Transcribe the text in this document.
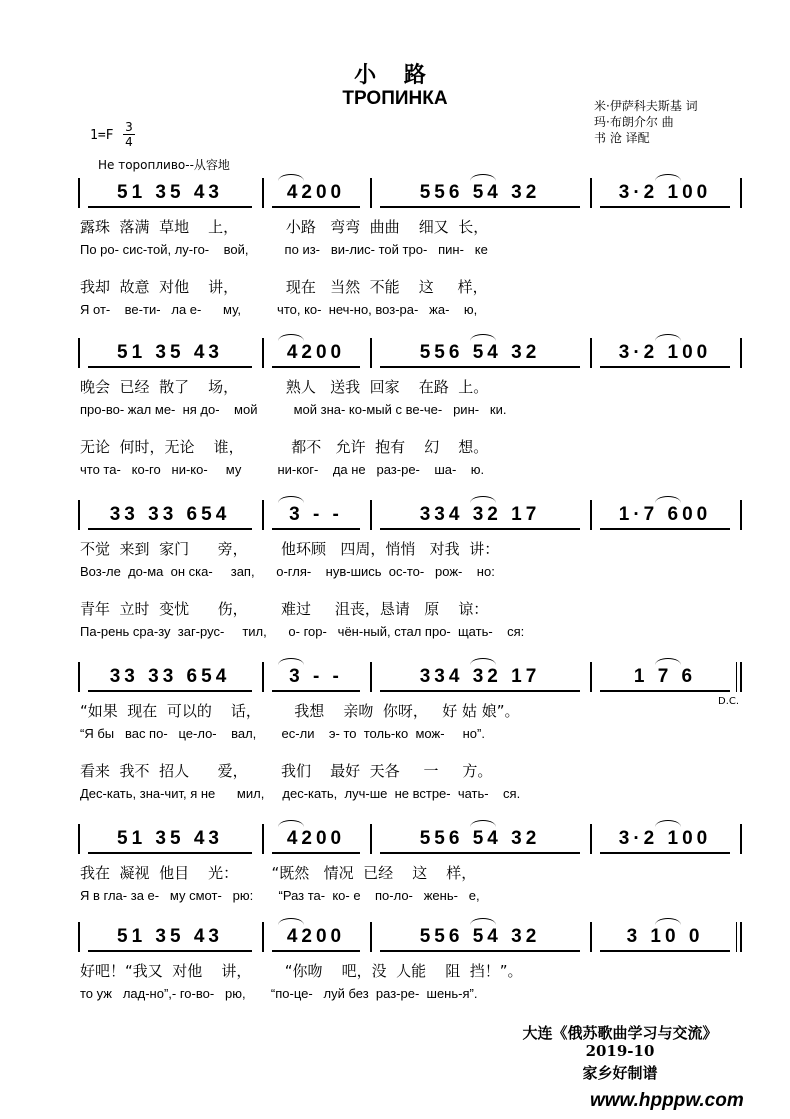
小 路
ТРОПИНКА	米·伊萨科夫斯基 词
玛·布朗介尔 曲
书 沧 译配
1=F
3
4
Не торопливо--从容地
51 35 43	4200	556 54 32	3·2 100
露珠  落满  草地    上，          小路   弯弯  曲曲    细又  长，
По ро- сис-той, лу-го-    вой,          по из-   ви-лис- той тро-   пин-   ке
我却  故意  对他    讲，          现在   当然  不能    这     样，
Я от-    ве-ти-   ла е-      му,          что, ко-  неч-но, воз-ра-   жа-    ю,
51 35 43	4200	556 54 32	3·2 100
晚会  已经  散了    场，          熟人   送我  回家    在路  上。
про-во- жал ме-  ня до-    мой          мой зна- ко-мый с ве-че-   рин-   ки.
无论  何时，无论    谁，          都不   允许  抱有    幻    想。
что та-   ко-го   ни-ко-     му          ни-ког-    да не   раз-ре-    ша-    ю.
33 33 654	3 - -	334 32 17	1·7 600
不觉  来到  家门      旁，       他环顾   四周，悄悄   对我  讲：
Воз-ле  до-ма  он ска-     зап,      о-гля-    нув-шись  ос-то-   рож-    но:
青年  立时  变忧      伤，       难过     沮丧，恳请   原    谅：
Па-рень сра-зу  заг-рус-     тил,      о- гор-   чён-ный, стал про-  щать-    ся:
33 33 654	3 - -	334 32 17	1 7 6
“如果  现在  可以的    话，       我想    亲吻  你呀，   好 姑 娘”。
“Я бы   вас по-   це-ло-    вал,       ес-ли    э- то  толь-ко  мож-     но”.
看来  我不  招人      爱，       我们    最好  天各     一     方。
Дес-кать, зна-чит, я не      мил,     дес-кать,  луч-ше  не встре-  чать-    ся.
D.C.
51 35 43	4200	556 54 32	3·2 100
我在  凝视  他目    光：       “既然   情况  已经    这    样，
Я в гла- за е-   му смот-   рю:       “Раз та-  ко- е    по-ло-   жень-   е,
51 35 43	4200	556 54 32	3 10 0
好吧！“我又  对他    讲，       “你吻    吧，没  人能    阻  挡！”。
то уж   лад-но”,- го-во-   рю,       “по-це-   луй без  раз-ре-  шень-я”.
大连《俄苏歌曲学习与交流》
2019-10
家乡好制谱
www.hpppw.com
